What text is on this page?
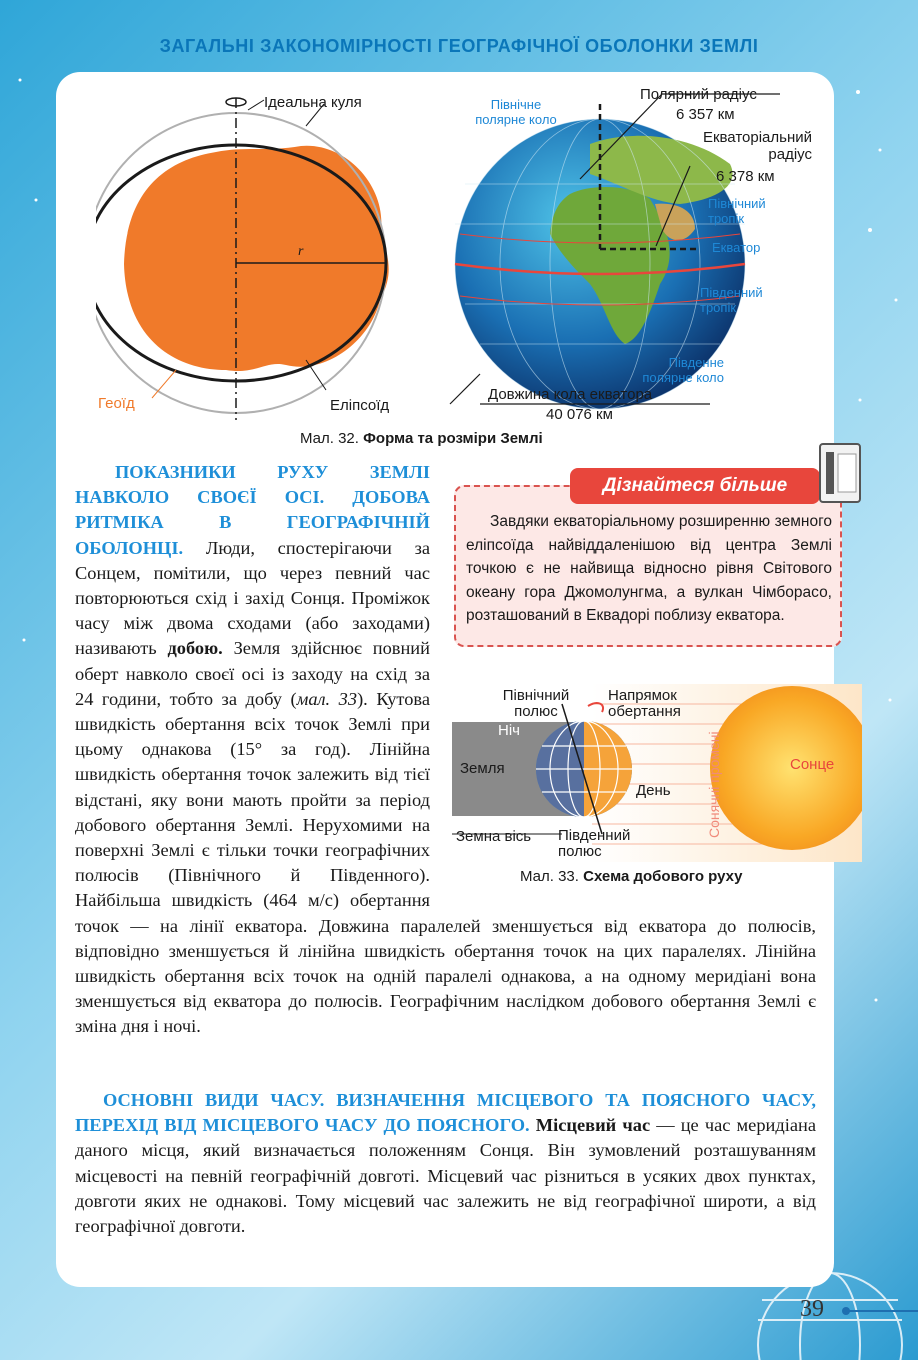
ЗАГАЛЬНІ ЗАКОНОМІРНОСТІ ГЕОГРАФІЧНОЇ ОБОЛОНКИ ЗЕМЛІ
Ідеальна куля
r
Геоїд	Еліпсоїд
Північне полярне коло
Полярний радіус
6 357 км
Екваторіальний радіус
6 378 км
Північний тропік
Екватор
Південний тропік
Південне полярне коло
Довжина кола екватора
40 076 км
Мал. 32. Форма та розміри Землі
Дізнайтеся більше
Завдяки екваторіальному розширенню земного еліпсоїда найвіддаленішою від центра Землі точкою є не найвища відносно рівня Світового океану гора Джомолунгма, а вулкан Чімборасо, розташований в Еквадорі поблизу екватора.
Північний полюс
Напрямок обертання
Ніч
Земля
День	Сонячні промені	Сонце
Земна вісь Південний полюс
Мал. 33. Схема добового руху
ПОКАЗНИКИ РУХУ ЗЕМЛІ НАВКОЛО СВОЄЇ ОСІ. ДОБОВА РИТМІКА В ГЕОГРАФІЧНІЙ ОБОЛОНЦІ. Люди, спостерігаючи за Сонцем, помітили, що через певний час повторюються схід і захід Сонця. Проміжок часу між двома сходами (або заходами) називають добою. Земля здійснює повний оберт навколо своєї осі із заходу на схід за 24 години, тобто за добу (мал. 33). Кутова швидкість обертання всіх точок Землі при цьому однакова (15° за год). Лінійна швидкість обертання точок залежить від тієї відстані, яку вони мають пройти за період добового обертання Землі. Нерухомими на поверхні Землі є тільки точки географічних полюсів (Північного й Південного). Найбільша швидкість (464 м/с) обертання точок — на лінії екватора. Довжина паралелей зменшується від екватора до полюсів, відповідно зменшується й лінійна швидкість обертання точок на цих паралелях. Лінійна швидкість обертання всіх точок на одній паралелі однакова, а на одному меридіані вона зменшується від екватора до полюсів. Географічним наслідком добового обертання Землі є зміна дня і ночі.
ОСНОВНІ ВИДИ ЧАСУ. ВИЗНАЧЕННЯ МІСЦЕВОГО ТА ПОЯСНОГО ЧАСУ, ПЕРЕХІД ВІД МІСЦЕВОГО ЧАСУ ДО ПОЯСНОГО. Місцевий час — це час меридіана даного місця, який визначається положенням Сонця. Він зумовлений розташуванням місцевості на певній географічній довготі. Місцевий час різниться в усяких двох пунктах, довготи яких не однакові. Тому місцевий час залежить не від географічної широти, а від географічної довготи.
39
